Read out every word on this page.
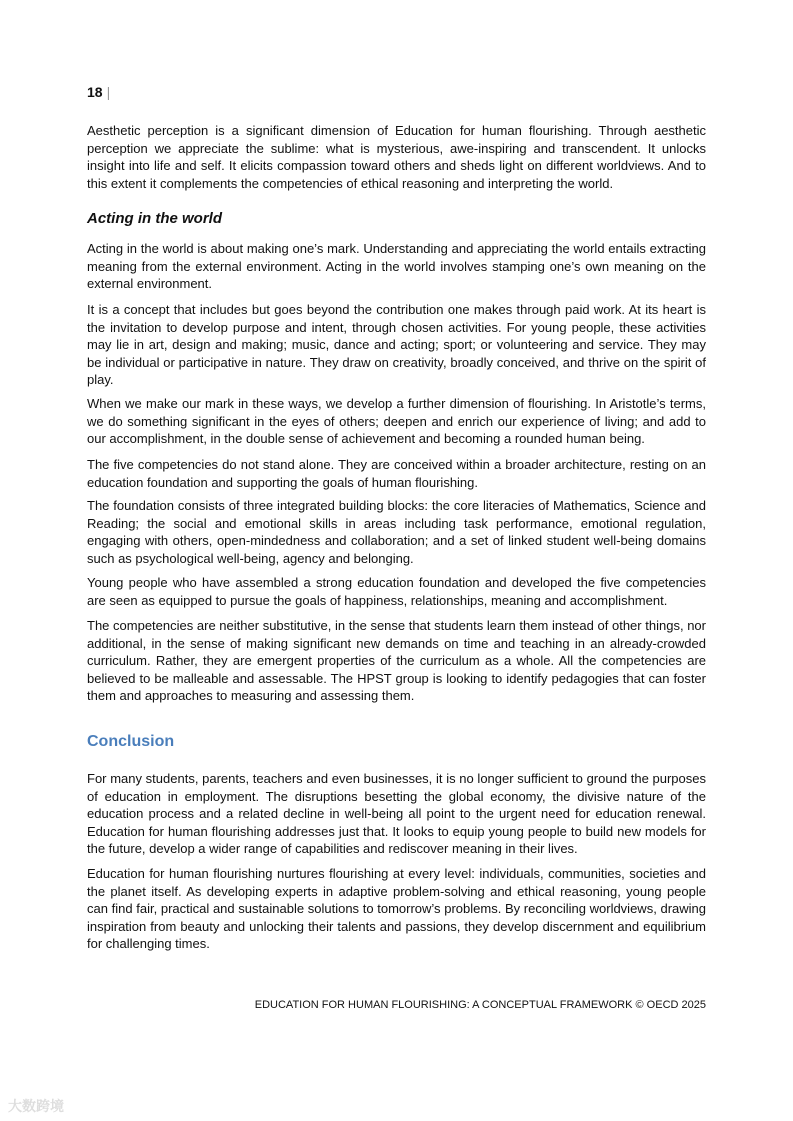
18 |

Aesthetic perception is a significant dimension of Education for human flourishing. Through aesthetic perception we appreciate the sublime: what is mysterious, awe-inspiring and transcendent. It unlocks insight into life and self. It elicits compassion toward others and sheds light on different worldviews. And to this extent it complements the competencies of ethical reasoning and interpreting the world.

Acting in the world

Acting in the world is about making one’s mark. Understanding and appreciating the world entails extracting meaning from the external environment. Acting in the world involves stamping one’s own meaning on the external environment.

It is a concept that includes but goes beyond the contribution one makes through paid work. At its heart is the invitation to develop purpose and intent, through chosen activities. For young people, these activities may lie in art, design and making; music, dance and acting; sport; or volunteering and service. They may be individual or participative in nature. They draw on creativity, broadly conceived, and thrive on the spirit of play.

When we make our mark in these ways, we develop a further dimension of flourishing. In Aristotle’s terms, we do something significant in the eyes of others; deepen and enrich our experience of living; and add to our accomplishment, in the double sense of achievement and becoming a rounded human being.

The five competencies do not stand alone. They are conceived within a broader architecture, resting on an education foundation and supporting the goals of human flourishing.

The foundation consists of three integrated building blocks: the core literacies of Mathematics, Science and Reading; the social and emotional skills in areas including task performance, emotional regulation, engaging with others, open-mindedness and collaboration; and a set of linked student well-being domains such as psychological well-being, agency and belonging.

Young people who have assembled a strong education foundation and developed the five competencies are seen as equipped to pursue the goals of happiness, relationships, meaning and accomplishment.

The competencies are neither substitutive, in the sense that students learn them instead of other things, nor additional, in the sense of making significant new demands on time and teaching in an already-crowded curriculum. Rather, they are emergent properties of the curriculum as a whole. All the competencies are believed to be malleable and assessable. The HPST group is looking to identify pedagogies that can foster them and approaches to measuring and assessing them.

Conclusion

For many students, parents, teachers and even businesses, it is no longer sufficient to ground the purposes of education in employment. The disruptions besetting the global economy, the divisive nature of the education process and a related decline in well-being all point to the urgent need for education renewal. Education for human flourishing addresses just that. It looks to equip young people to build new models for the future, develop a wider range of capabilities and rediscover meaning in their lives.

Education for human flourishing nurtures flourishing at every level: individuals, communities, societies and the planet itself. As developing experts in adaptive problem-solving and ethical reasoning, young people can find fair, practical and sustainable solutions to tomorrow’s problems. By reconciling worldviews, drawing inspiration from beauty and unlocking their talents and passions, they develop discernment and equilibrium for challenging times.

EDUCATION FOR HUMAN FLOURISHING: A CONCEPTUAL FRAMEWORK © OECD 2025
大数跨境
